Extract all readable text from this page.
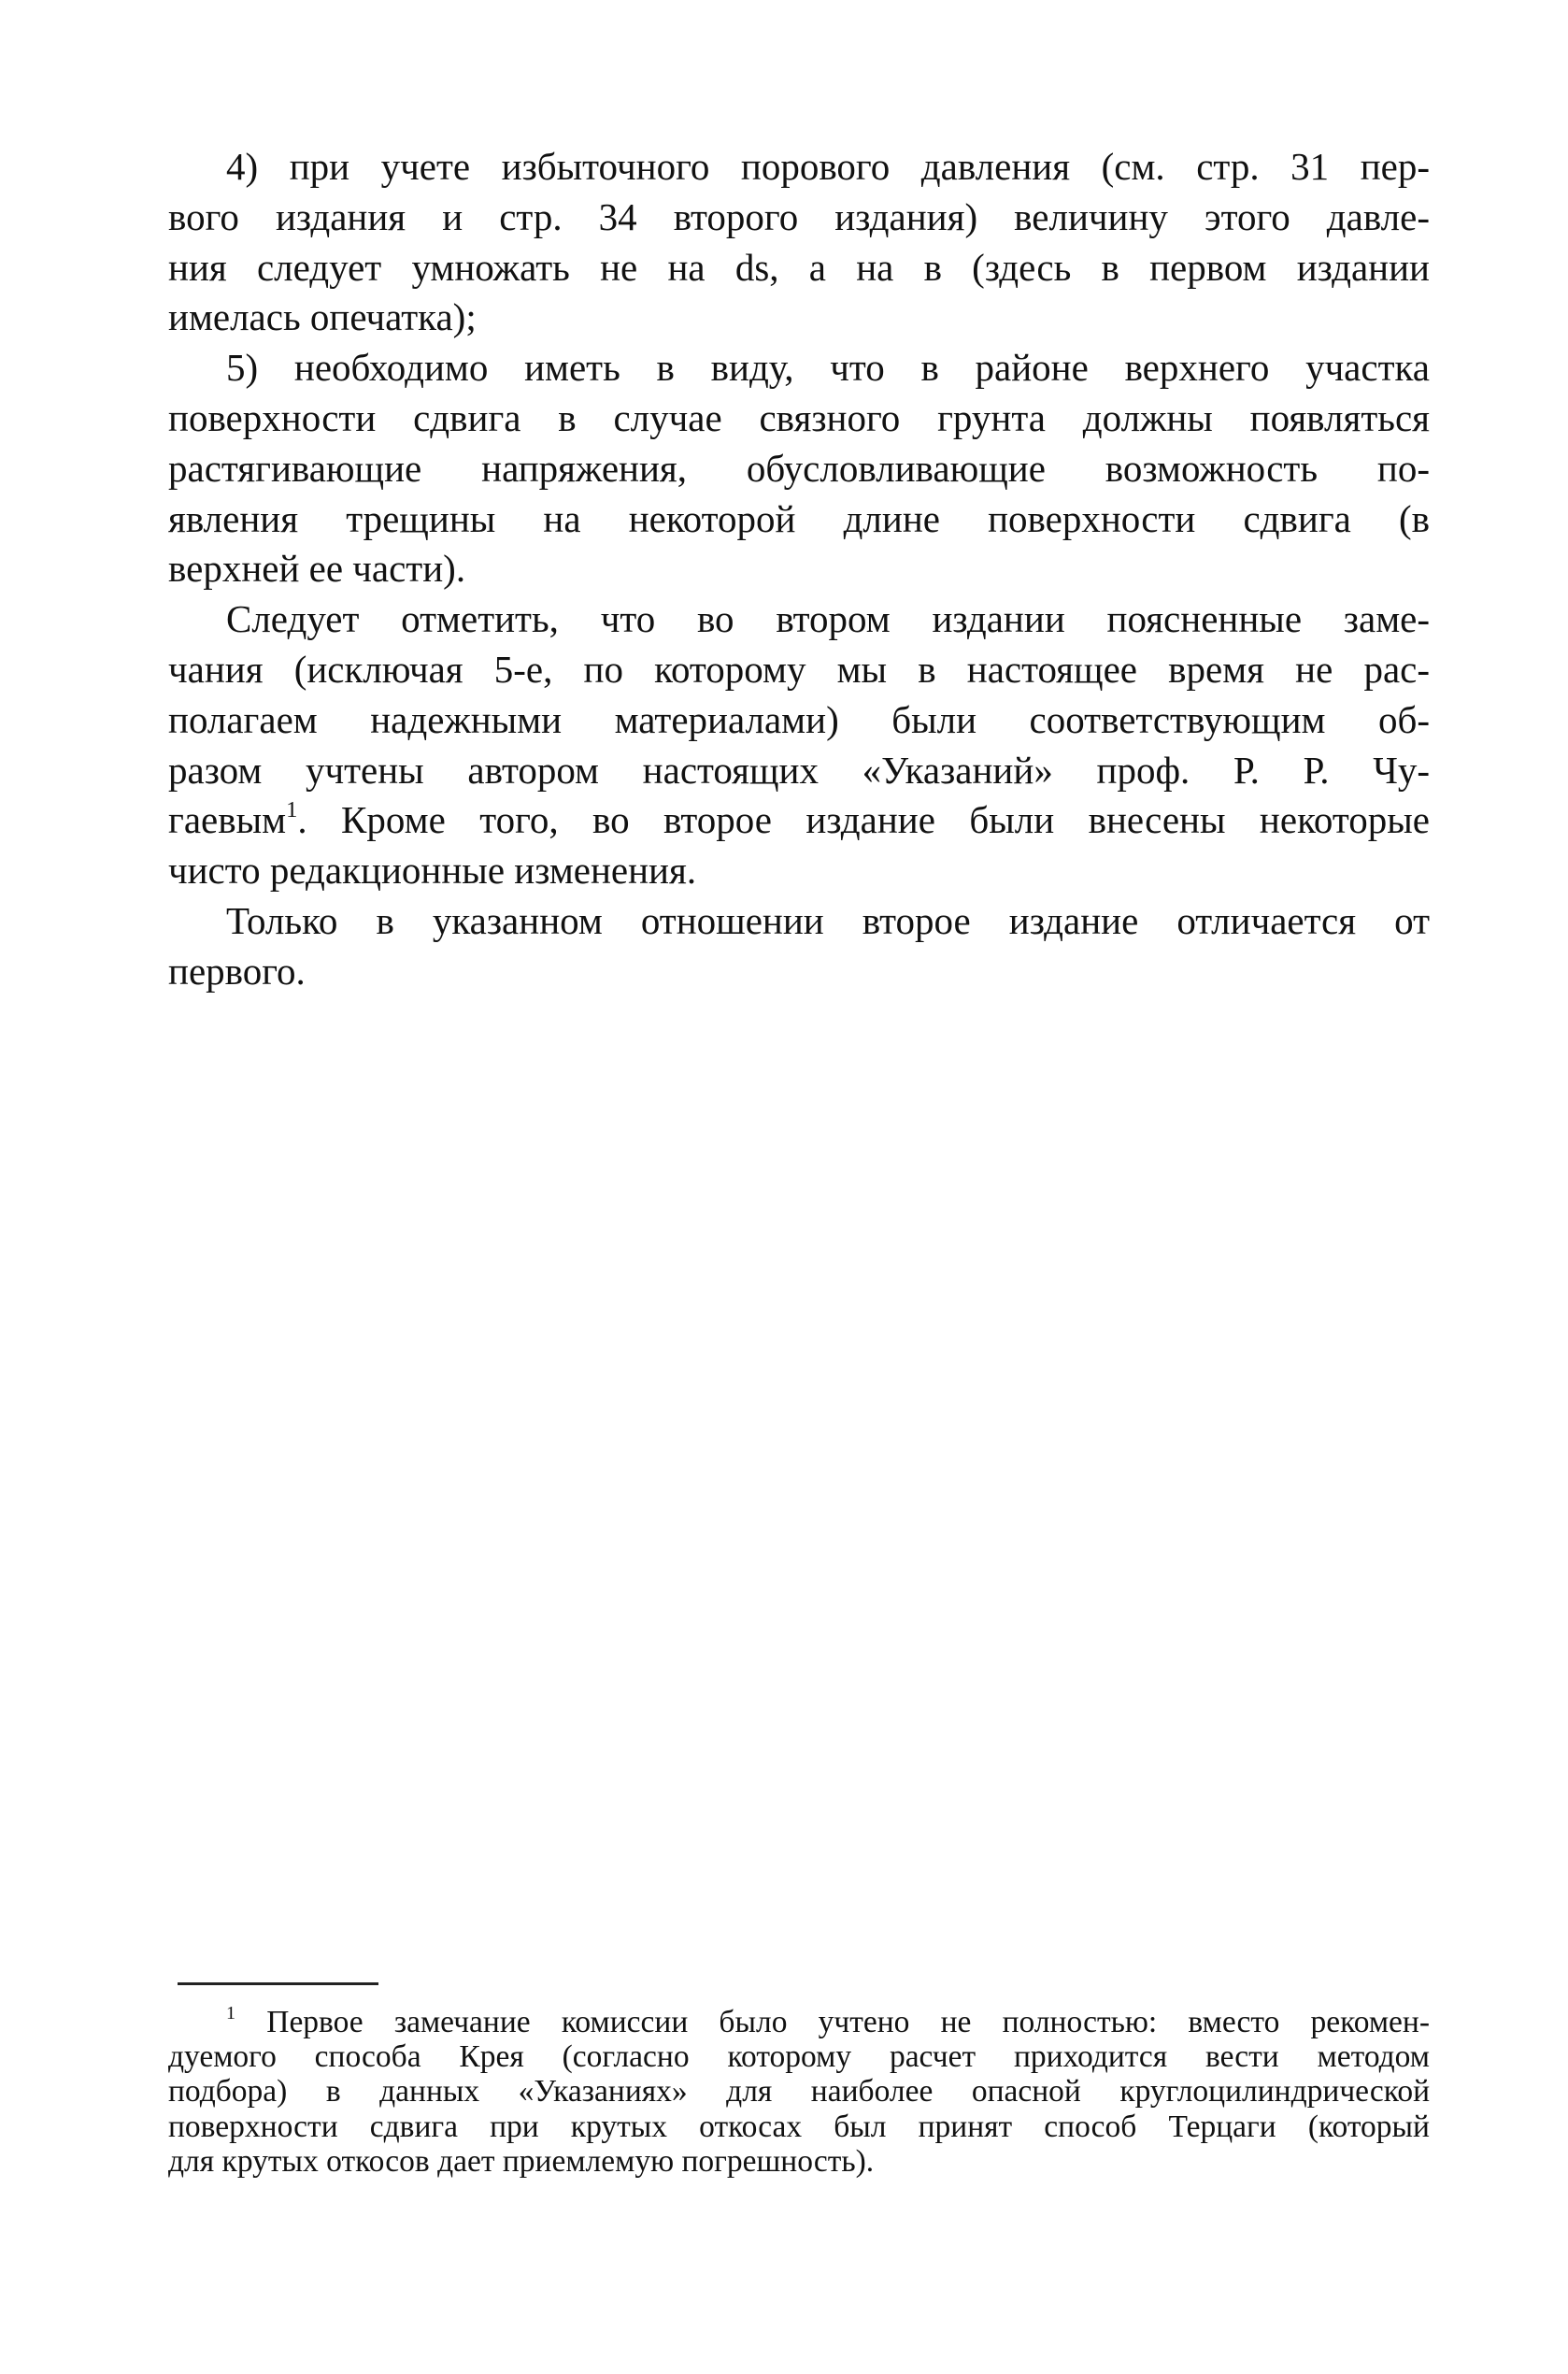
4) при учете избыточного порового давления (см. стр. 31 пер-
вого издания и стр. 34 второго издания) величину этого давле-
ния следует умножать не на ds, а на в (здесь в первом издании
имелась опечатка);
5) необходимо иметь в виду, что в районе верхнего участка
поверхности сдвига в случае связного грунта должны появляться
растягивающие напряжения, обусловливающие возможность по-
явления трещины на некоторой длине поверхности сдвига (в
верхней ее части).
Следует отметить, что во втором издании поясненные заме-
чания (исключая 5-е, по которому мы в настоящее время не рас-
полагаем надежными материалами) были соответствующим об-
разом учтены автором настоящих «Указаний» проф. Р. Р. Чу-
гаевым$^1$. Кроме того, во второе издание были внесены некоторые
чисто редакционные изменения.
Только в указанном отношении второе издание отличается от
первого.
$^1$ Первое замечание комиссии было учтено не полностью: вместо рекомен-
дуемого способа Крея (согласно которому расчет приходится вести методом
подбора) в данных «Указаниях» для наиболее опасной круглоцилиндрической
поверхности сдвига при крутых откосах был принят способ Терцаги (который
для крутых откосов дает приемлемую погрешность).
